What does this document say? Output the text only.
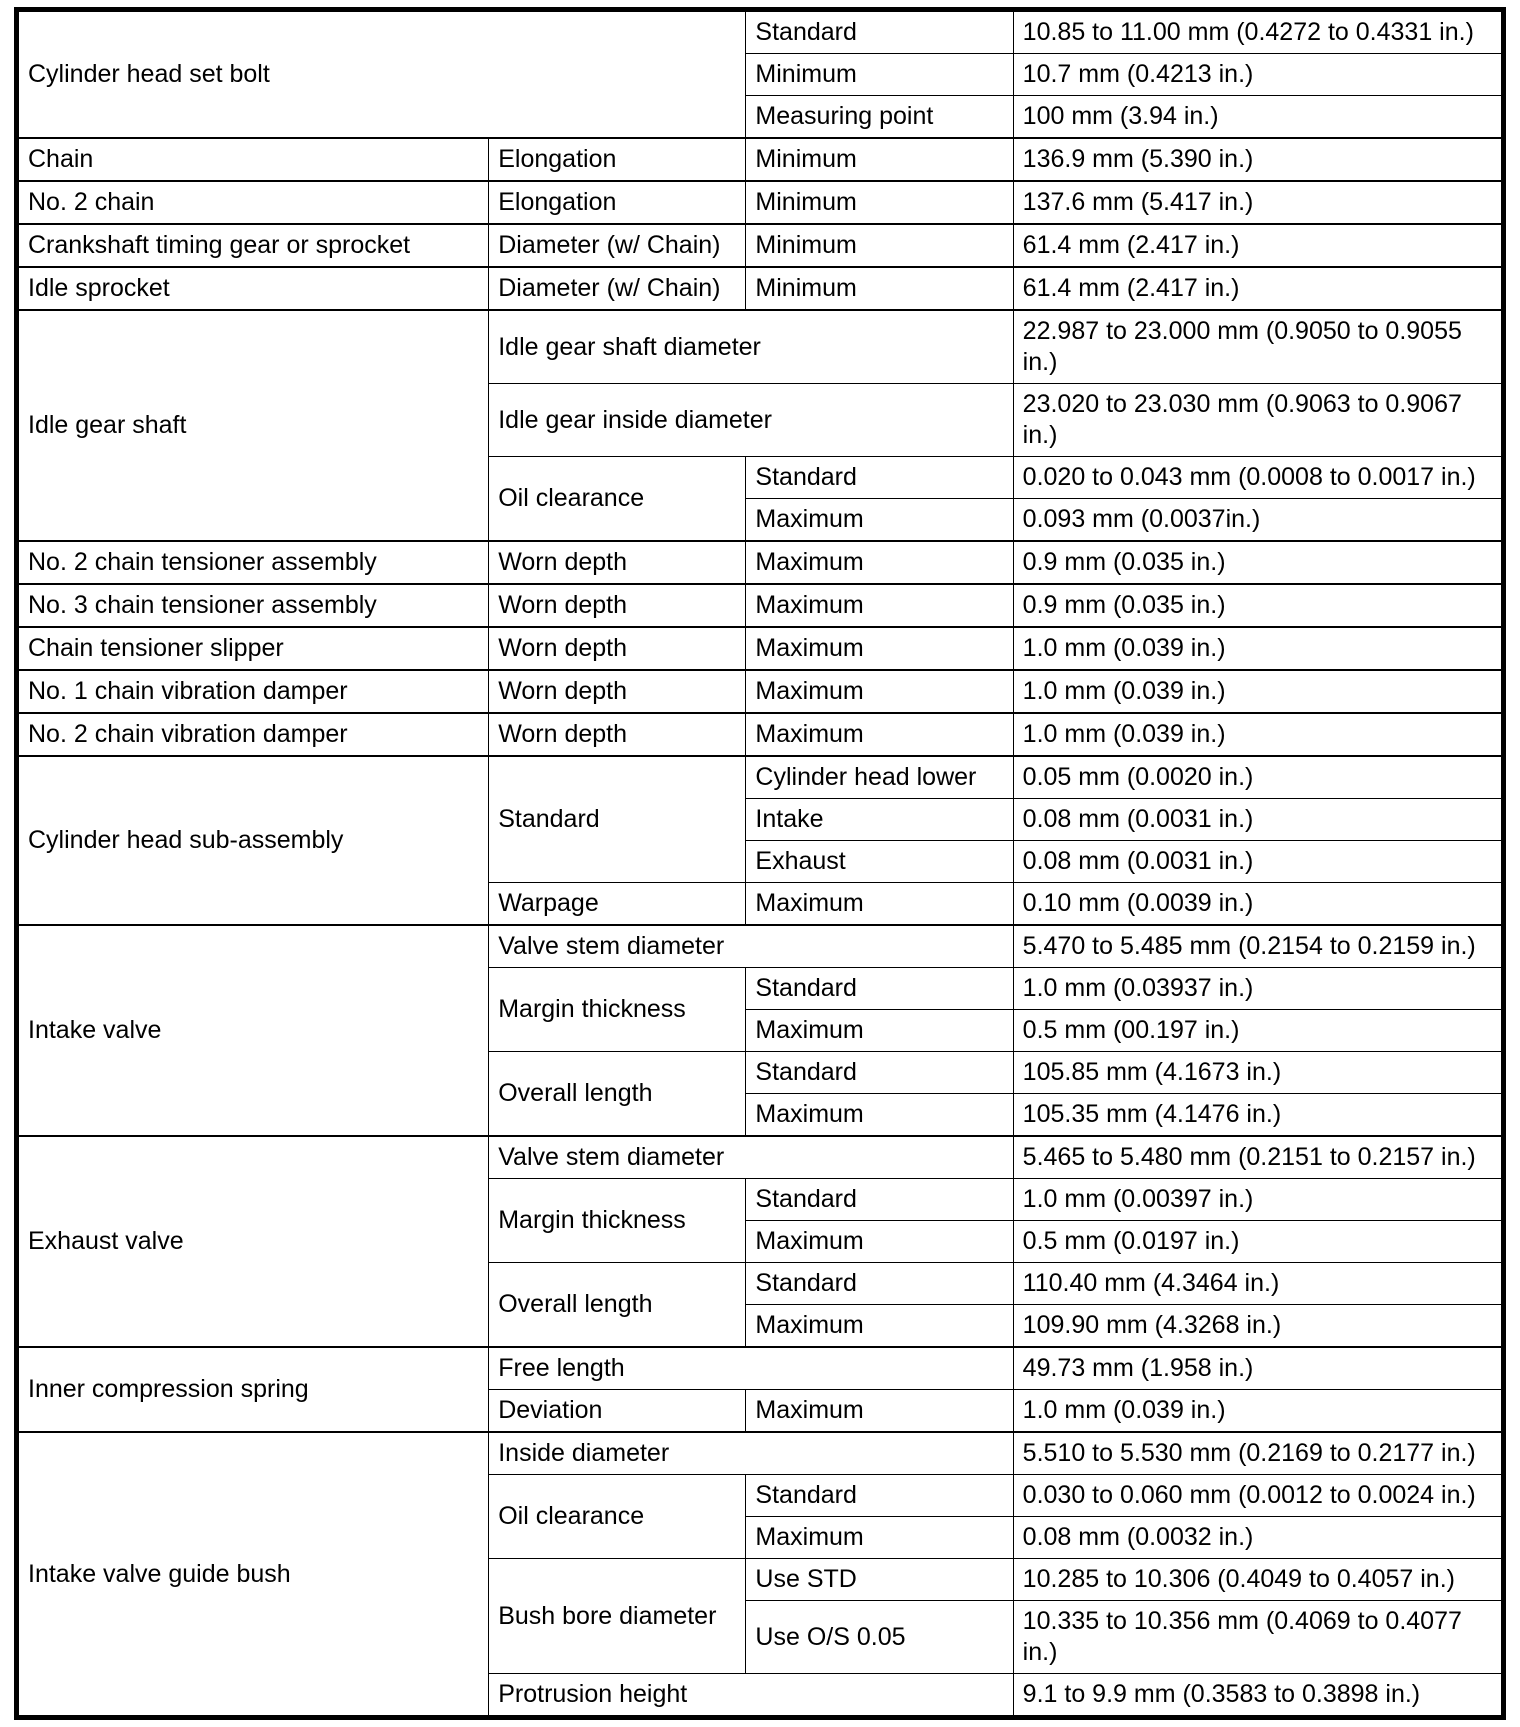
Cylinder head set bolt		Standard	10.85 to 11.00 mm (0.4272 to 0.4331 in.)
		Minimum	10.7 mm (0.4213 in.)
		Measuring point	100 mm (3.94 in.)
Chain	Elongation	Minimum	136.9 mm (5.390 in.)
No. 2 chain	Elongation	Minimum	137.6 mm (5.417 in.)
Crankshaft timing gear or sprocket	Diameter (w/ Chain)	Minimum	61.4 mm (2.417 in.)
Idle sprocket	Diameter (w/ Chain)	Minimum	61.4 mm (2.417 in.)
Idle gear shaft	Idle gear shaft diameter		22.987 to 23.000 mm (0.9050 to 0.9055 in.)
	Idle gear inside diameter		23.020 to 23.030 mm (0.9063 to 0.9067 in.)
	Oil clearance	Standard	0.020 to 0.043 mm (0.0008 to 0.0017 in.)
		Maximum	0.093 mm (0.0037in.)
No. 2 chain tensioner assembly	Worn depth	Maximum	0.9 mm (0.035 in.)
No. 3 chain tensioner assembly	Worn depth	Maximum	0.9 mm (0.035 in.)
Chain tensioner slipper	Worn depth	Maximum	1.0 mm (0.039 in.)
No. 1 chain vibration damper	Worn depth	Maximum	1.0 mm (0.039 in.)
No. 2 chain vibration damper	Worn depth	Maximum	1.0 mm (0.039 in.)
Cylinder head sub-assembly	Standard	Cylinder head lower	0.05 mm (0.0020 in.)
		Intake	0.08 mm (0.0031 in.)
		Exhaust	0.08 mm (0.0031 in.)
	Warpage	Maximum	0.10 mm (0.0039 in.)
Intake valve	Valve stem diameter		5.470 to 5.485 mm (0.2154 to 0.2159 in.)
	Margin thickness	Standard	1.0 mm (0.03937 in.)
		Maximum	0.5 mm (00.197 in.)
	Overall length	Standard	105.85 mm (4.1673 in.)
		Maximum	105.35 mm (4.1476 in.)
Exhaust valve	Valve stem diameter		5.465 to 5.480 mm (0.2151 to 0.2157 in.)
	Margin thickness	Standard	1.0 mm (0.00397 in.)
		Maximum	0.5 mm (0.0197 in.)
	Overall length	Standard	110.40 mm (4.3464 in.)
		Maximum	109.90 mm (4.3268 in.)
Inner compression spring	Free length		49.73 mm (1.958 in.)
	Deviation	Maximum	1.0 mm (0.039 in.)
Intake valve guide bush	Inside diameter		5.510 to 5.530 mm (0.2169 to 0.2177 in.)
	Oil clearance	Standard	0.030 to 0.060 mm (0.0012 to 0.0024 in.)
		Maximum	0.08 mm (0.0032 in.)
	Bush bore diameter	Use STD	10.285 to 10.306 (0.4049 to 0.4057 in.)
		Use O/S 0.05	10.335 to 10.356 mm (0.4069 to 0.4077 in.)
	Protrusion height		9.1 to 9.9 mm (0.3583 to 0.3898 in.)
